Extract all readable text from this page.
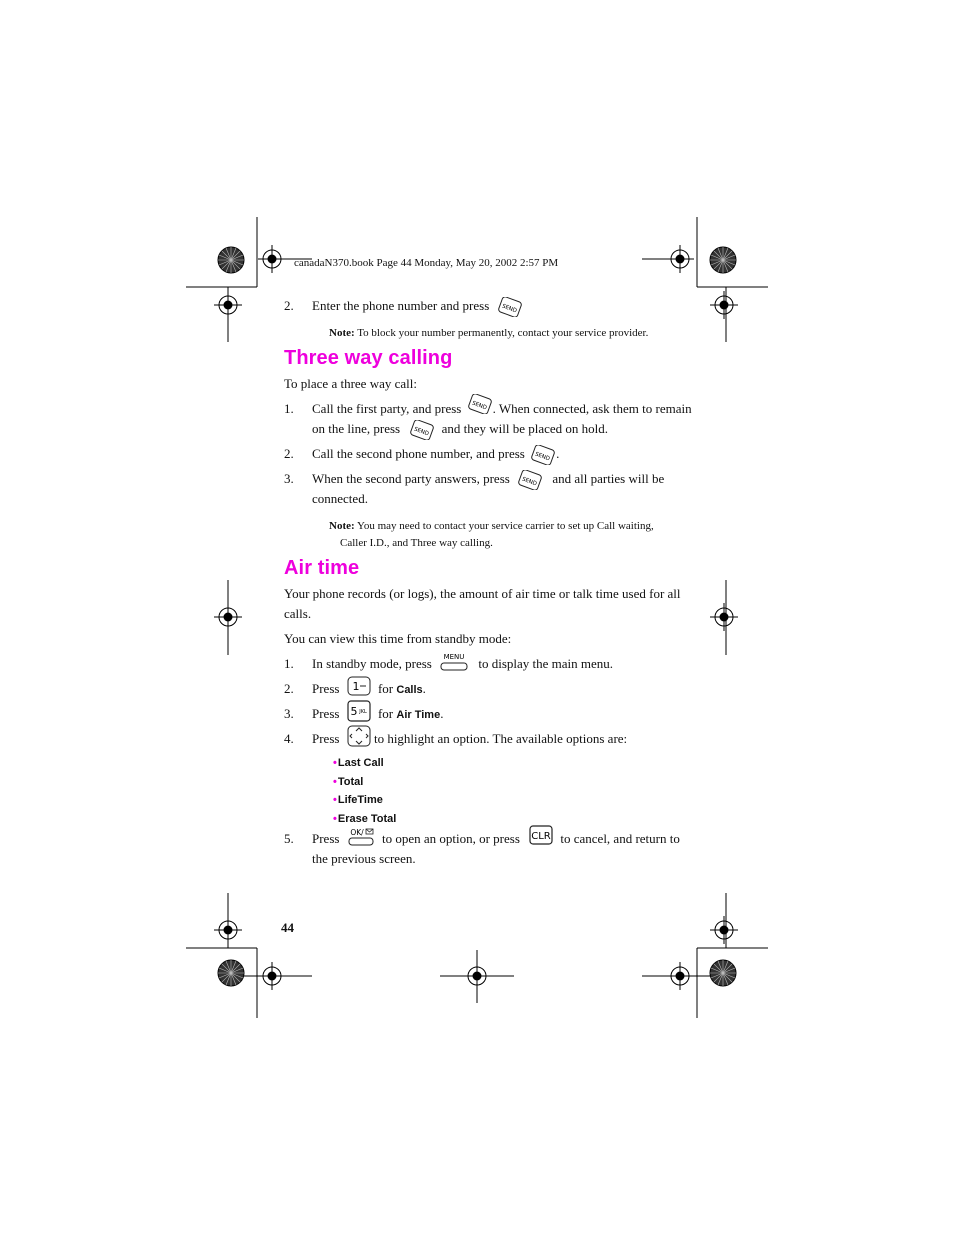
canadaN370.book Page 44 Monday, May 20, 2002 2:57 PM
2. Enter the phone number and press SEND
Note: To block your number permanently, contact your service provider.
Three way calling
To place a three way call:
1. Call the first party, and press SEND . When connected, ask them to remain
on the line, press SEND and they will be placed on hold.
2. Call the second phone number, and press SEND .
3. When the second party answers, press SEND and all parties will be
connected.
Note: You may need to contact your service carrier to set up Call waiting,
Caller I.D., and Three way calling.
Air time
Your phone records (or logs), the amount of air time or talk time used for all
calls.
You can view this time from standby mode:
1. In standby mode, press MENU to display the main menu.
2. Press 1 for Calls.
3. Press 5 JKL for Air Time.
4. Press	to highlight an option. The available options are:
•Last Call
•Total
•LifeTime
•Erase Total
5. Press OK/ to open an option, or press CLR to cancel, and return to
the previous screen.
44
